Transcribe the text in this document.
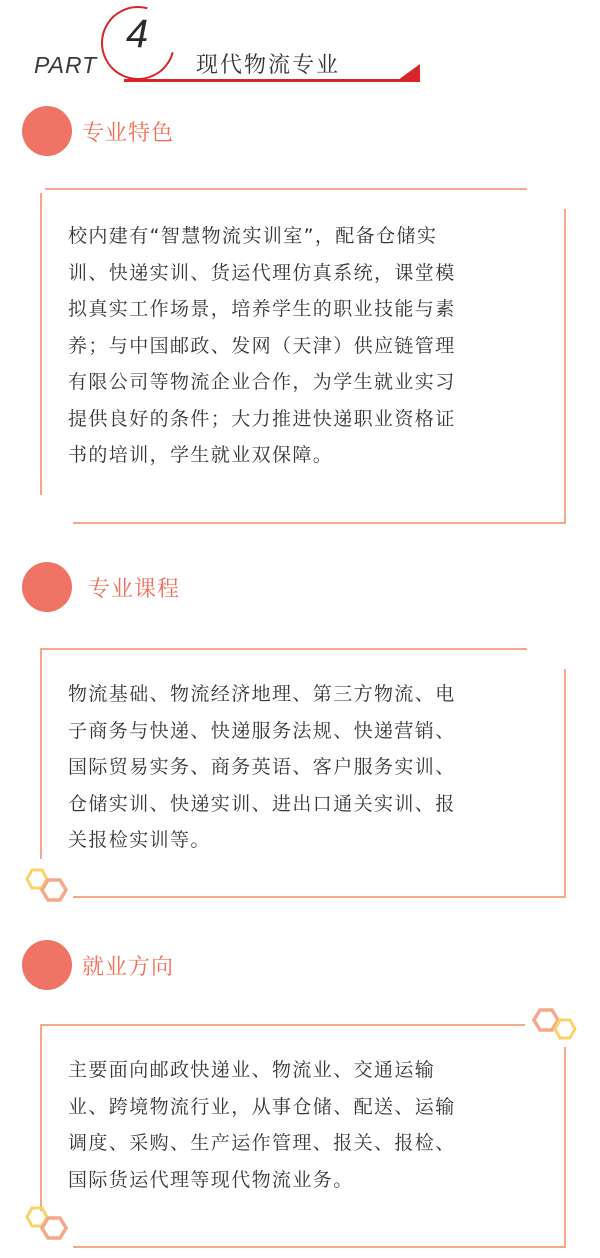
PART
4
现代物流专业
专业特色
校内建有“智慧物流实训室”，配备仓储实
训、快递实训、货运代理仿真系统，课堂模
拟真实工作场景，培养学生的职业技能与素
养；与中国邮政、发网（天津）供应链管理
有限公司等物流企业合作，为学生就业实习
提供良好的条件；大力推进快递职业资格证
书的培训，学生就业双保障。
专业课程
物流基础、物流经济地理、第三方物流、电
子商务与快递、快递服务法规、快递营销、
国际贸易实务、商务英语、客户服务实训、
仓储实训、快递实训、进出口通关实训、报
关报检实训等。
就业方向
主要面向邮政快递业、物流业、交通运输
业、跨境物流行业，从事仓储、配送、运输
调度、采购、生产运作管理、报关、报检、
国际货运代理等现代物流业务。
